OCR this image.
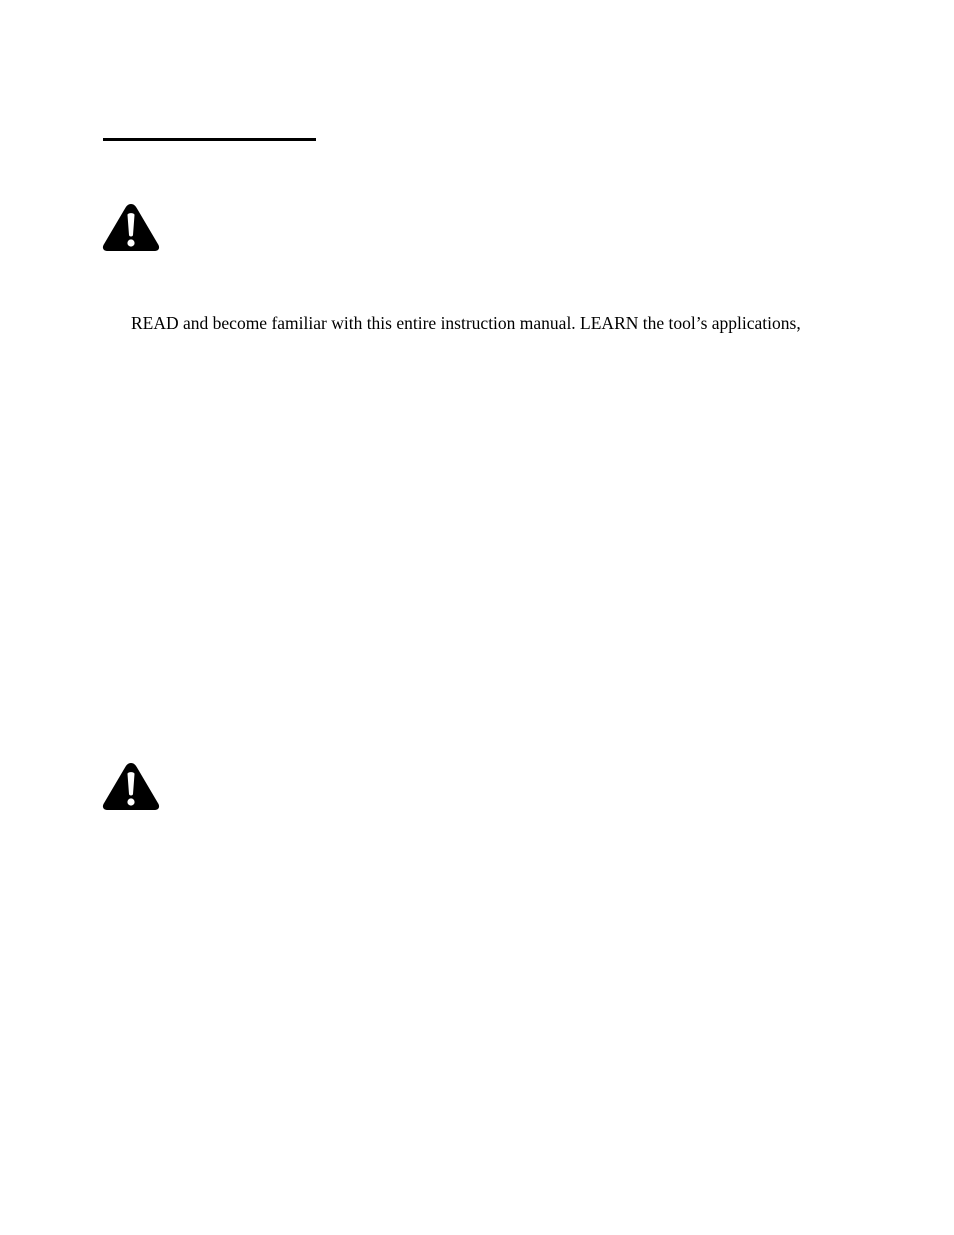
READ and become familiar with this entire instruction manual. LEARN the tool’s applications,
